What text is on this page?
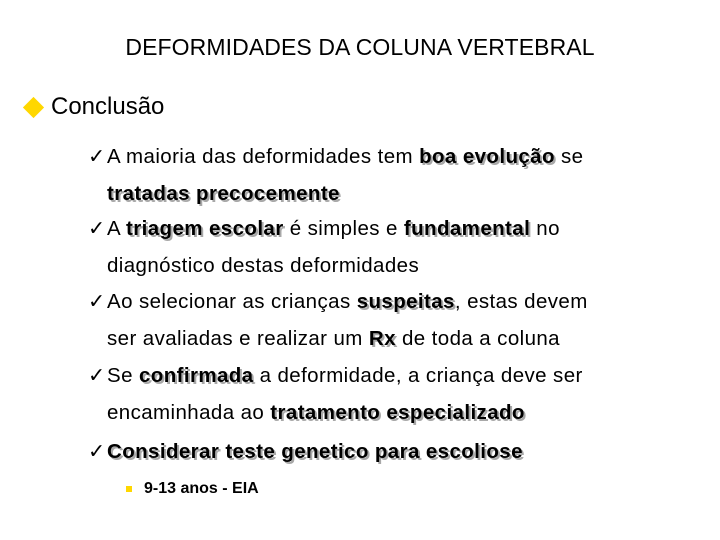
DEFORMIDADES DA COLUNA VERTEBRAL
Conclusão
✓A maioria das deformidades tem boa evolução se
tratadas precocemente
✓A triagem escolar é simples e fundamental no
diagnóstico destas deformidades
✓Ao selecionar as crianças suspeitas, estas devem
ser avaliadas e realizar um Rx de toda a coluna
✓Se confirmada a deformidade, a criança deve ser
encaminhada ao tratamento especializado
✓Considerar teste genetico para escoliose
9-13 anos - EIA
